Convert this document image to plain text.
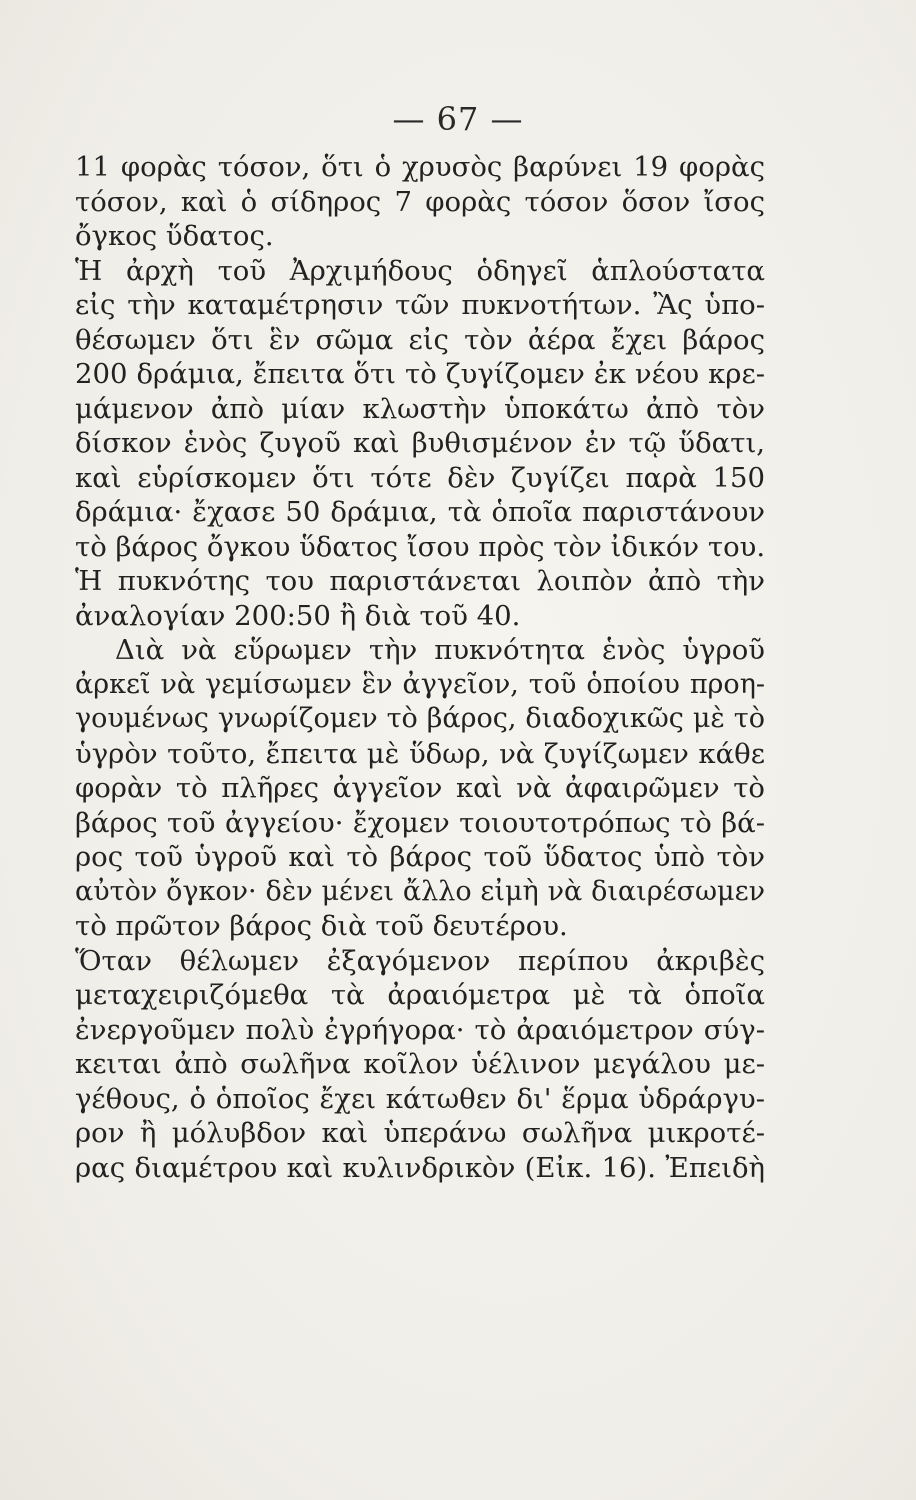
— 67 —
11 φορὰς τόσον, ὅτι ὁ χρυσὸς βαρύνει 19 φορὰς
τόσον, καὶ ὁ σίδηρος 7 φορὰς τόσον ὅσον ἴσος
ὄγκος ὕδατος.
Ἡ ἀρχὴ τοῦ Ἀρχιμήδους ὁδηγεῖ ἁπλούστατα
εἰς τὴν καταμέτρησιν τῶν πυκνοτήτων. Ἂς ὑπο-
θέσωμεν ὅτι ἓν σῶμα εἰς τὸν ἀέρα ἔχει βάρος
200 δράμια, ἔπειτα ὅτι τὸ ζυγίζομεν ἐκ νέου κρε-
μάμενον ἀπὸ μίαν κλωστὴν ὑποκάτω ἀπὸ τὸν
δίσκον ἑνὸς ζυγοῦ καὶ βυθισμένον ἐν τῷ ὕδατι,
καὶ εὑρίσκομεν ὅτι τότε δὲν ζυγίζει παρὰ 150
δράμια· ἔχασε 50 δράμια, τὰ ὁποῖα παριστάνουν
τὸ βάρος ὄγκου ὕδατος ἴσου πρὸς τὸν ἰδικόν του.
Ἡ πυκνότης του παριστάνεται λοιπὸν ἀπὸ τὴν
ἀναλογίαν 200:50 ἢ διὰ τοῦ 40.
Διὰ νὰ εὕρωμεν τὴν πυκνότητα ἑνὸς ὑγροῦ
ἀρκεῖ νὰ γεμίσωμεν ἓν ἀγγεῖον, τοῦ ὁποίου προη-
γουμένως γνωρίζομεν τὸ βάρος, διαδοχικῶς μὲ τὸ
ὑγρὸν τοῦτο, ἔπειτα μὲ ὕδωρ, νὰ ζυγίζωμεν κάθε
φορὰν τὸ πλῆρες ἀγγεῖον καὶ νὰ ἀφαιρῶμεν τὸ
βάρος τοῦ ἀγγείου· ἔχομεν τοιουτοτρόπως τὸ βά-
ρος τοῦ ὑγροῦ καὶ τὸ βάρος τοῦ ὕδατος ὑπὸ τὸν
αὐτὸν ὄγκον· δὲν μένει ἄλλο εἰμὴ νὰ διαιρέσωμεν
τὸ πρῶτον βάρος διὰ τοῦ δευτέρου.
Ὅταν θέλωμεν ἐξαγόμενον περίπου ἀκριβὲς
μεταχειριζόμεθα τὰ ἀραιόμετρα μὲ τὰ ὁποῖα
ἐνεργοῦμεν πολὺ ἐγρήγορα· τὸ ἀραιόμετρον σύγ-
κειται ἀπὸ σωλῆνα κοῖλον ὑέλινον μεγάλου με-
γέθους, ὁ ὁποῖος ἔχει κάτωθεν δι' ἕρμα ὑδράργυ-
ρον ἢ μόλυβδον καὶ ὑπεράνω σωλῆνα μικροτέ-
ρας διαμέτρου καὶ κυλινδρικὸν (Εἰκ. 16). Ἐπειδὴ
